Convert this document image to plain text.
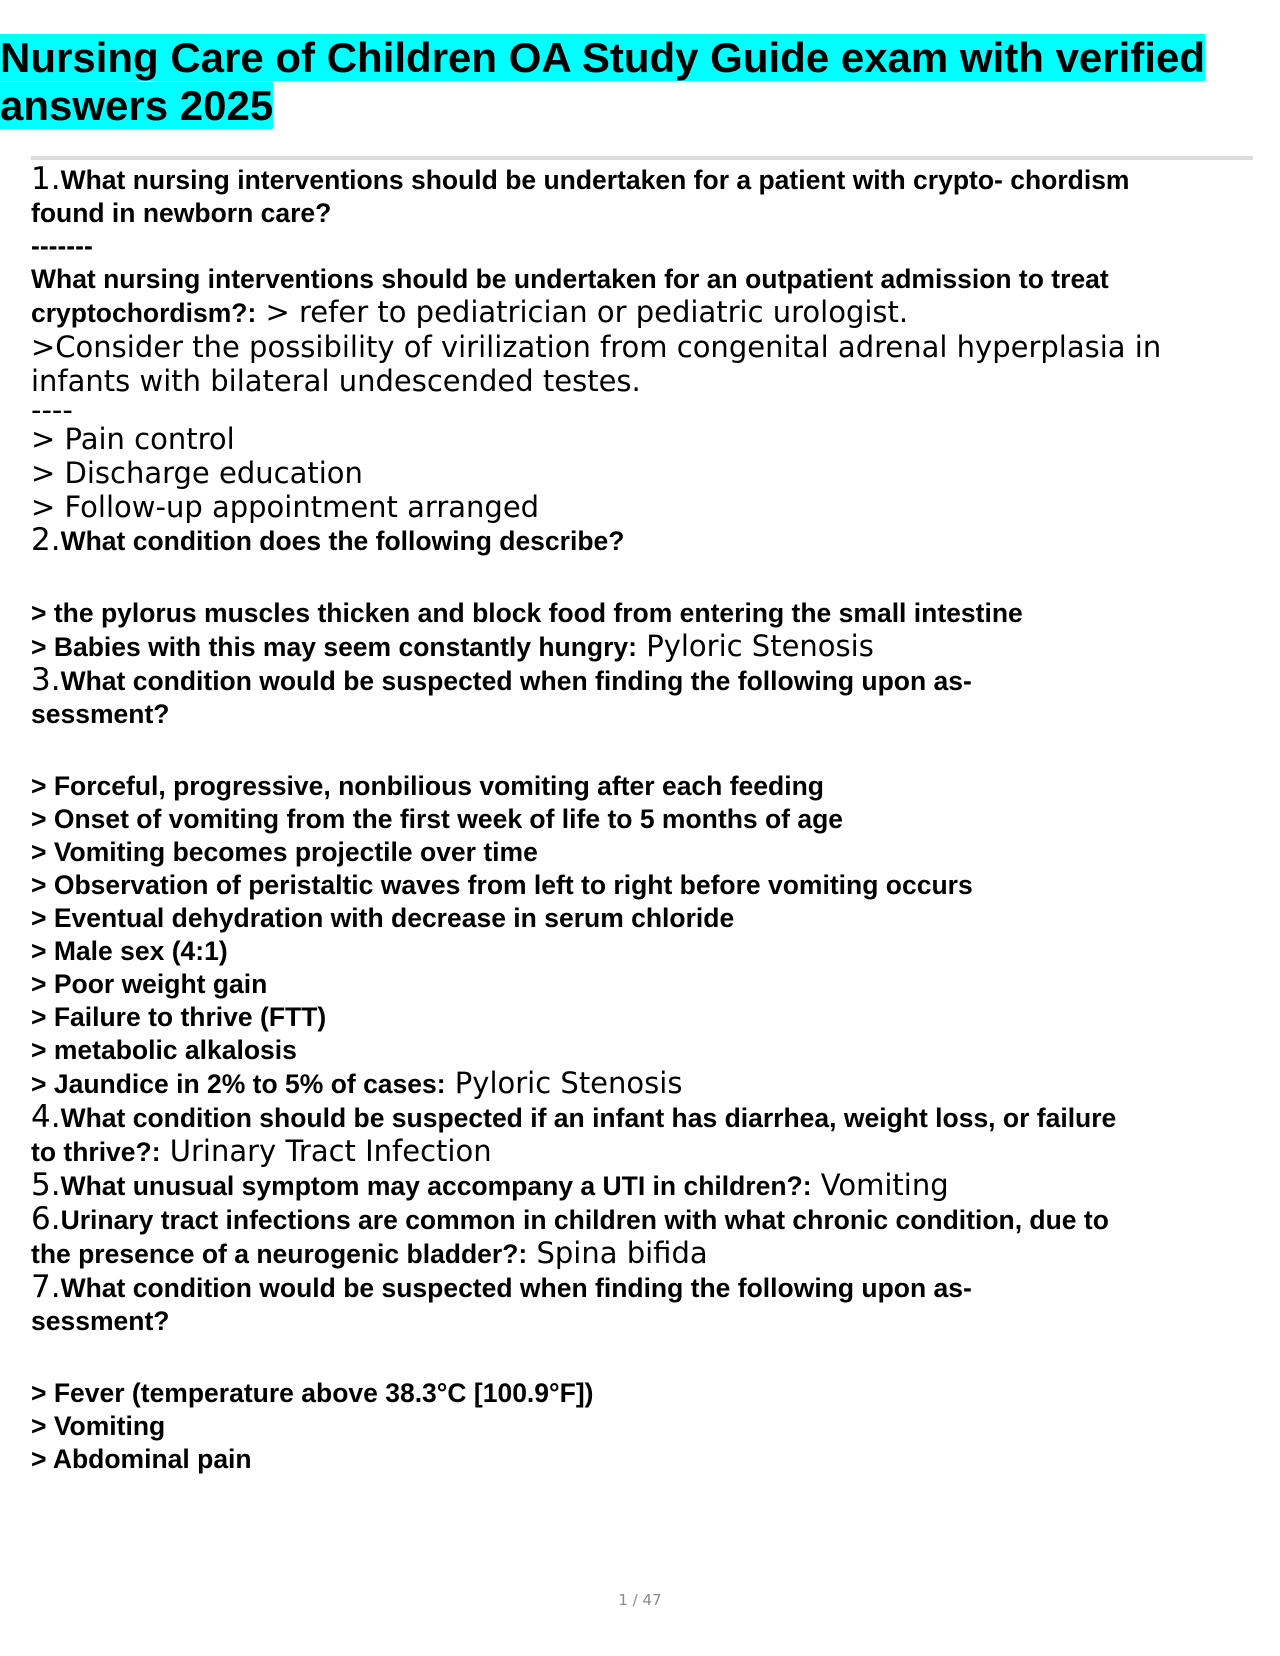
Nursing Care of Children OA Study Guide exam with verified answers 2025
1.What nursing interventions should be undertaken for a patient with crypto- chordism
found in newborn care?
-------
What nursing interventions should be undertaken for an outpatient admission to treat
cryptochordism?: > refer to pediatrician or pediatric urologist.
>Consider the possibility of virilization from congenital adrenal hyperplasia in
infants with bilateral undescended testes.
----
> Pain control
> Discharge education
> Follow-up appointment arranged
2.What condition does the following describe?
> the pylorus muscles thicken and block food from entering the small intestine
> Babies with this may seem constantly hungry: Pyloric Stenosis
3.What condition would be suspected when finding the following upon as-
sessment?
> Forceful, progressive, nonbilious vomiting after each feeding
> Onset of vomiting from the first week of life to 5 months of age
> Vomiting becomes projectile over time
> Observation of peristaltic waves from left to right before vomiting occurs
> Eventual dehydration with decrease in serum chloride
> Male sex (4:1)
> Poor weight gain
> Failure to thrive (FTT)
> metabolic alkalosis
> Jaundice in 2% to 5% of cases: Pyloric Stenosis
4.What condition should be suspected if an infant has diarrhea, weight loss, or failure
to thrive?: Urinary Tract Infection
5.What unusual symptom may accompany a UTI in children?: Vomiting
6.Urinary tract infections are common in children with what chronic condition, due to
the presence of a neurogenic bladder?: Spina bifida
7.What condition would be suspected when finding the following upon as-
sessment?
> Fever (temperature above 38.3°C [100.9°F])
> Vomiting
> Abdominal pain
1 / 47
